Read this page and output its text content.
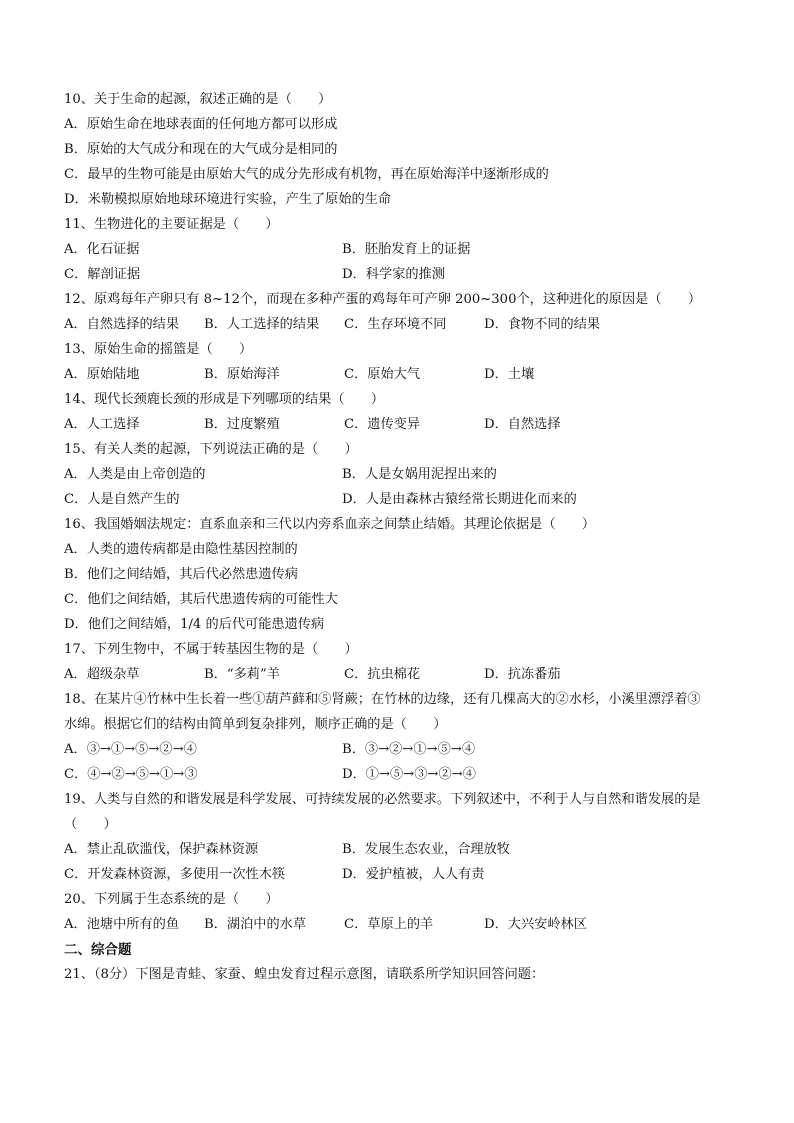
10、关于生命的起源，叙述正确的是（　　）
A．原始生命在地球表面的任何地方都可以形成
B．原始的大气成分和现在的大气成分是相同的
C．最早的生物可能是由原始大气的成分先形成有机物，再在原始海洋中逐渐形成的
D．米勒模拟原始地球环境进行实验，产生了原始的生命
11、生物进化的主要证据是（　　）
A．化石证据	B．胚胎发育上的证据
C．解剖证据	D．科学家的推测
12、原鸡每年产卵只有 8~12个，而现在多种产蛋的鸡每年可产卵 200~300个，这种进化的原因是（　　）
A．自然选择的结果 B．人工选择的结果 C．生存环境不同	D．食物不同的结果
13、原始生命的摇篮是（　　）
A．原始陆地	B．原始海洋	C．原始大气	D．土壤
14、现代长颈鹿长颈的形成是下列哪项的结果（　　）
A．人工选择	B．过度繁殖	C．遗传变异	D．自然选择
15、有关人类的起源，下列说法正确的是（　　）
A．人类是由上帝创造的	B．人是女娲用泥捏出来的
C．人是自然产生的	D．人是由森林古猿经常长期进化而来的
16、我国婚姻法规定：直系血亲和三代以内旁系血亲之间禁止结婚。其理论依据是（　　）
A．人类的遗传病都是由隐性基因控制的
B．他们之间结婚，其后代必然患遗传病
C．他们之间结婚，其后代患遗传病的可能性大
D．他们之间结婚，1/4 的后代可能患遗传病
17、下列生物中，不属于转基因生物的是（　　）
A．超级杂草	B．“多莉”羊	C．抗虫棉花	D．抗冻番茄
18、在某片④竹林中生长着一些①葫芦藓和⑤肾蕨；在竹林的边缘，还有几棵高大的②水杉，小溪里漂浮着③
水绵。根据它们的结构由简单到复杂排列，顺序正确的是（　　）
A．③→①→⑤→②→④	B．③→②→①→⑤→④
C．④→②→⑤→①→③	D．①→⑤→③→②→④
19、人类与自然的和谐发展是科学发展、可持续发展的必然要求。下列叙述中，不利于人与自然和谐发展的是
（　　）
A．禁止乱砍滥伐，保护森林资源	B．发展生态农业，合理放牧
C．开发森林资源，多使用一次性木筷	D．爱护植被，人人有责
20、下列属于生态系统的是（　　）
A．池塘中所有的鱼 B．湖泊中的水草	C．草原上的羊	D．大兴安岭林区
二、综合题
21、（8分）下图是青蛙、家蚕、蝗虫发育过程示意图，请联系所学知识回答问题：
